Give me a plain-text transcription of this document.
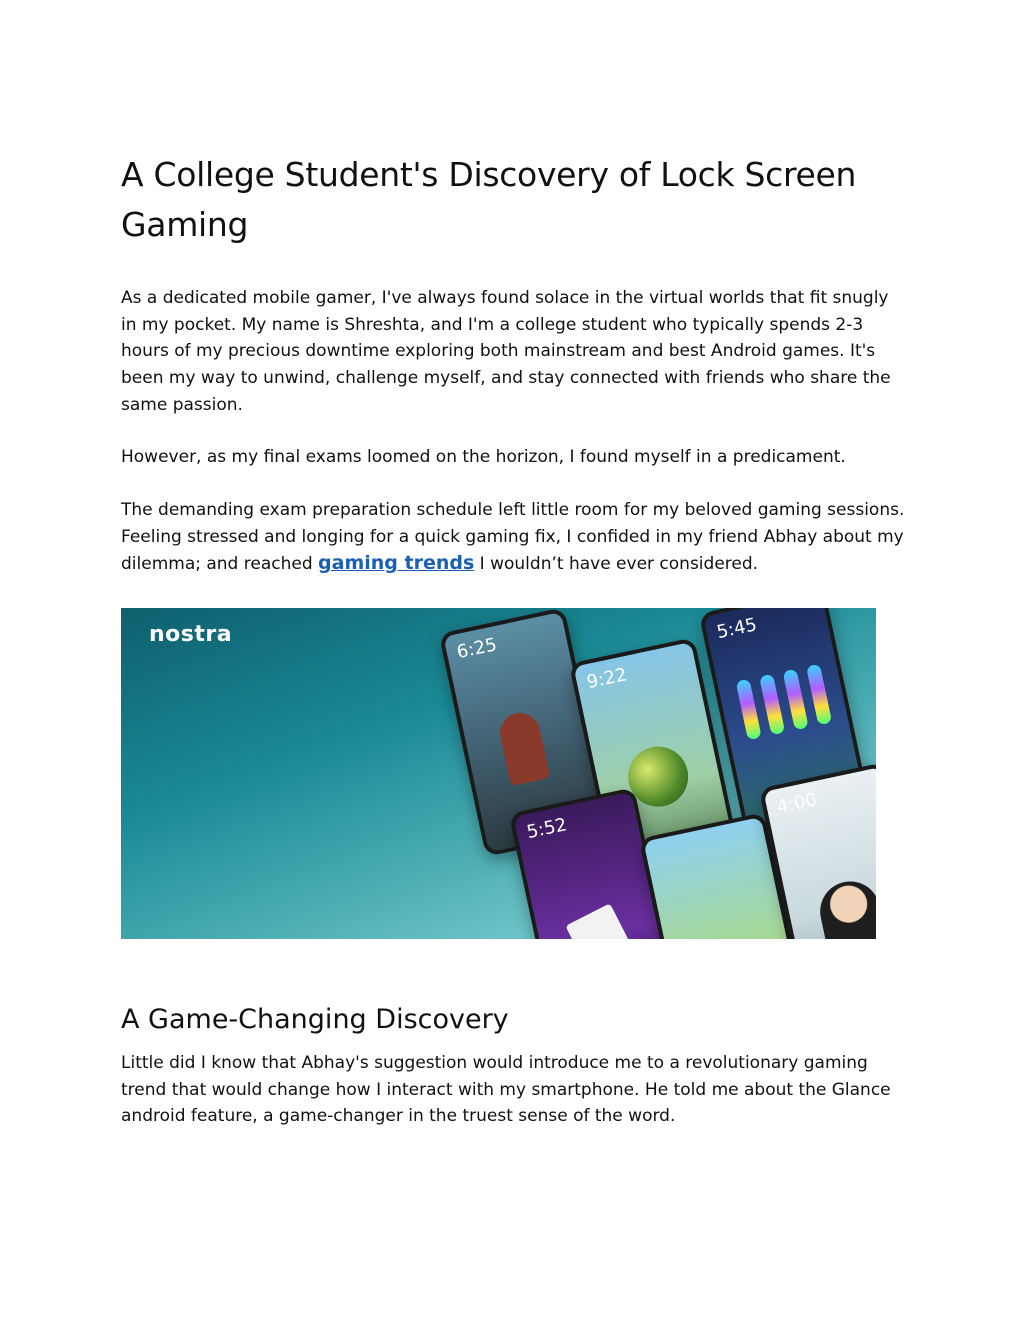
A College Student's Discovery of Lock Screen Gaming

As a dedicated mobile gamer, I've always found solace in the virtual worlds that fit snugly in my pocket. My name is Shreshta, and I'm a college student who typically spends 2-3 hours of my precious downtime exploring both mainstream and best Android games. It's been my way to unwind, challenge myself, and stay connected with friends who share the same passion.

However, as my final exams loomed on the horizon, I found myself in a predicament.

The demanding exam preparation schedule left little room for my beloved gaming sessions. Feeling stressed and longing for a quick gaming fix, I confided in my friend Abhay about my dilemma; and reached gaming trends I wouldn’t have ever considered.

nostra	6:25
9:22
5:45
5:52
4:00
A Game-Changing Discovery

Little did I know that Abhay's suggestion would introduce me to a revolutionary gaming trend that would change how I interact with my smartphone. He told me about the Glance android feature, a game-changer in the truest sense of the word.
